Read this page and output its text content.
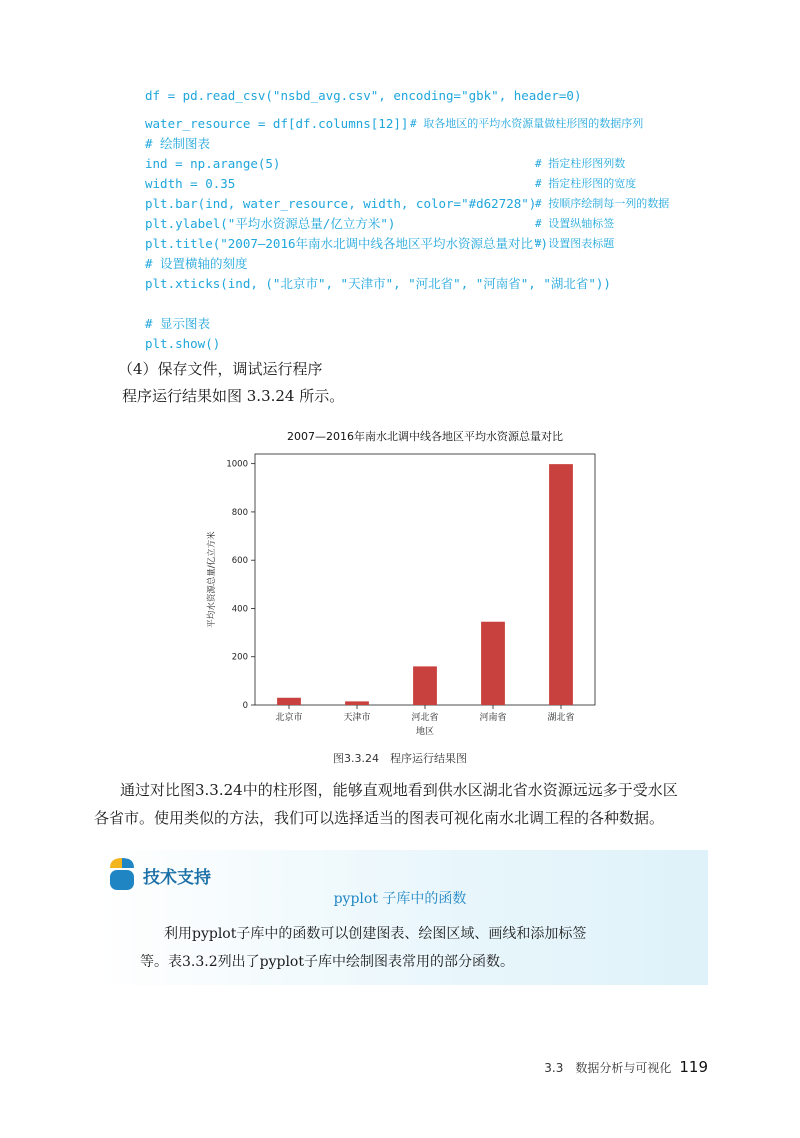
df = pd.read_csv("nsbd_avg.csv", encoding="gbk", header=0)
water_resource = df[df.columns[12]] # 取各地区的平均水资源量做柱形图的数据序列
# 绘制图表
ind = np.arange(5)	# 指定柱形图列数
width = 0.35	# 指定柱形图的宽度
plt.bar(ind, water_resource, width, color="#d62728")
# 按顺序绘制每一列的数据
plt.ylabel("平均水资源总量/亿立方米")	# 设置纵轴标签
plt.title("2007—2016年南水北调中线各地区平均水资源总量对比")
# 设置图表标题
# 设置横轴的刻度
plt.xticks(ind, ("北京市", "天津市", "河北省", "河南省", "湖北省"))
# 显示图表
plt.show()
（4）保存文件，调试运行程序
程序运行结果如图 3.3.24 所示。
2007—2016年南水北调中线各地区平均水资源总量对比
0
200
400
600
800
1000
北京市	天津市	河北省	河南省	湖北省
地区
平均水资源总量/亿立方米
图3.3.24　程序运行结果图
通过对比图3.3.24中的柱形图，能够直观地看到供水区湖北省水资源远远多于受水区
各省市。使用类似的方法，我们可以选择适当的图表可视化南水北调工程的各种数据。
技术支持
pyplot 子库中的函数
利用pyplot子库中的函数可以创建图表、绘图区域、画线和添加标签
等。表3.3.2列出了pyplot子库中绘制图表常用的部分函数。
3.3　数据分析与可视化 119
